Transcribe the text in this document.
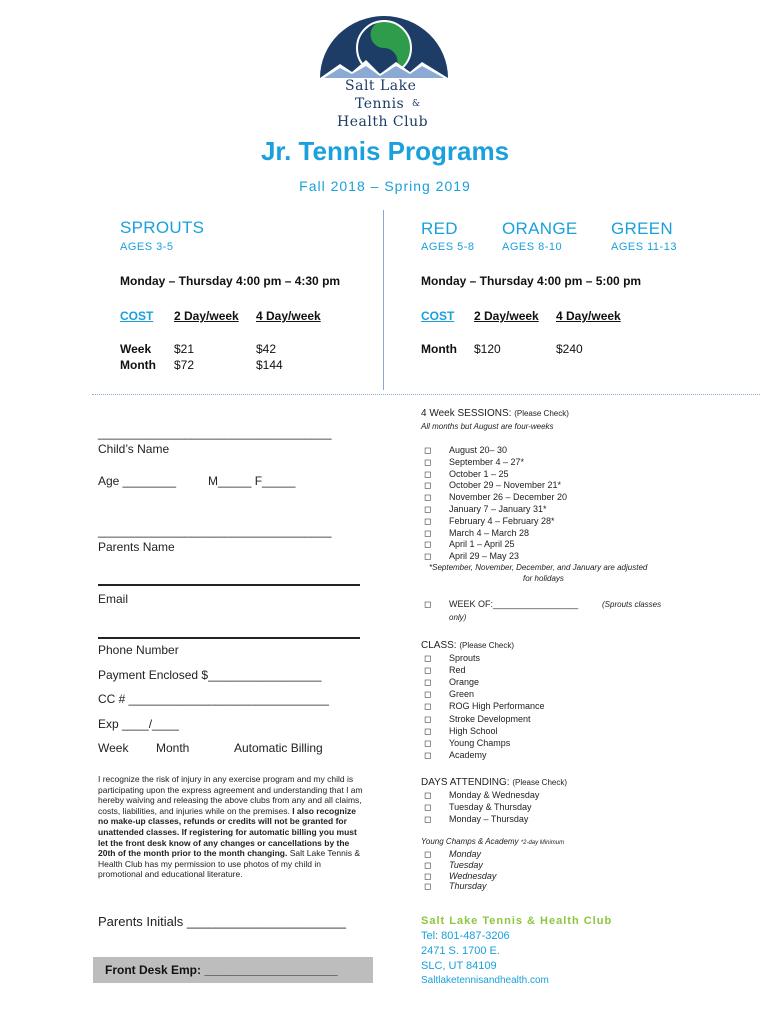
Salt Lake
Tennis &
Health Club
Jr. Tennis Programs
Fall 2018 – Spring 2019
SPROUTS
AGES 3-5
Monday – Thursday 4:00 pm – 4:30 pm
COST 2 Day/week 4 Day/week
Week $21	$42
Month $72	$144
RED
AGES 5-8
ORANGE
AGES 8-10
GREEN
AGES 11-13
Monday – Thursday 4:00 pm – 5:00 pm
COST 2 Day/week 4 Day/week
Month $120	$240
___________________________________
Child’s Name
Age ________	M_____ F_____
___________________________________
Parents Name
Email
Phone Number
Payment Enclosed $_________________
CC # ______________________________
Exp ____/____
Week Month	Automatic Billing
I recognize the risk of injury in any exercise program and my child is participating upon the express agreement and understanding that I am hereby waiving and releasing the above clubs from any and all claims, costs, liabilities, and injuries while on the premises. I also recognize no make-up classes, refunds or credits will not be granted for unattended classes. If registering for automatic billing you must let the front desk know of any changes or cancellations by the 20th of the month prior to the month changing. Salt Lake Tennis & Health Club has my permission to use photos of my child in promotional and educational literature.
Parents Initials ______________________
Front Desk Emp: ____________________
4 Week SESSIONS: (Please Check)
All months but August are four-weeks
◻ August 20– 30
◻ September 4 – 27*
◻ October 1 – 25
◻ October 29 – November 21*
◻ November 26 – December 20
◻ January 7 – January 31*
◻ February 4 – February 28*
◻ March 4 – March 28
◻ April 1 – April 25
◻ April 29 – May 23
*September, November, December, and January are adjusted
for holidays
◻ WEEK OF:_________________	(Sprouts classes
only)
CLASS: (Please Check)
◻ Sprouts
◻ Red
◻ Orange
◻ Green
◻ ROG High Performance
◻ Stroke Development
◻ High School
◻ Young Champs
◻ Academy
DAYS ATTENDING: (Please Check)
◻ Monday & Wednesday
◻ Tuesday & Thursday
◻ Monday – Thursday
Young Champs & Academy *2-day Minimum
◻ Monday
◻ Tuesday
◻ Wednesday
◻ Thursday
Salt Lake Tennis & Health Club
Tel: 801-487-3206
2471 S. 1700 E.
SLC, UT 84109
Saltlaketennisandhealth.com
